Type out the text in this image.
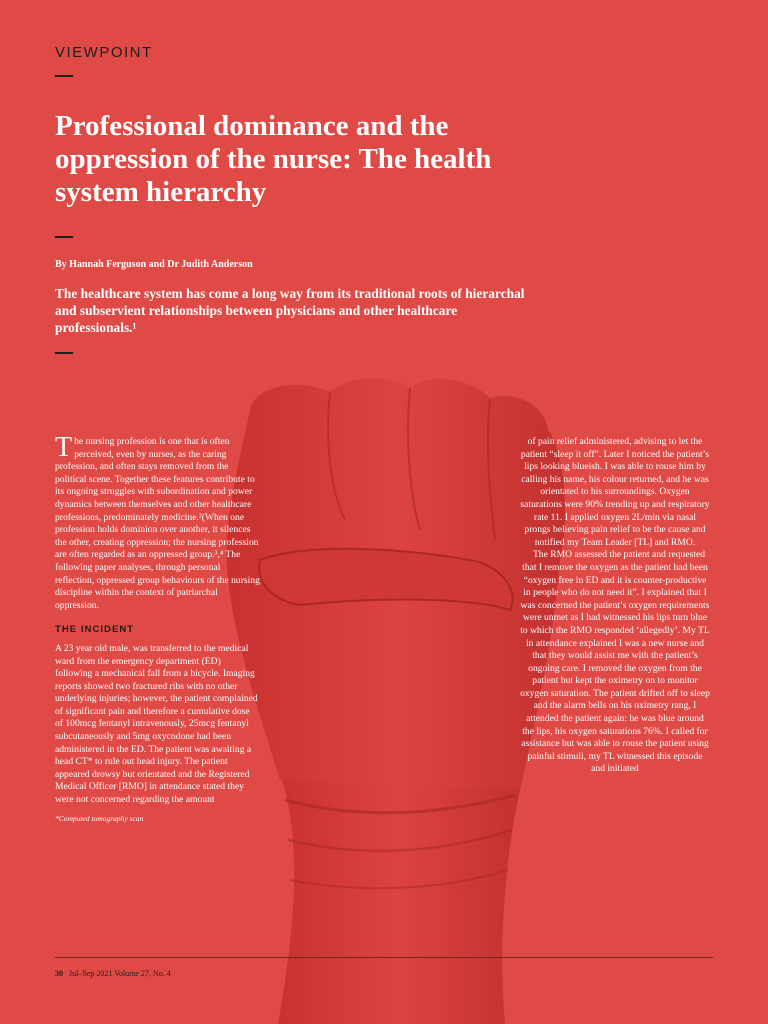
VIEWPOINT
Professional dominance and the oppression of the nurse: The health system hierarchy
By Hannah Ferguson and Dr Judith Anderson
The healthcare system has come a long way from its traditional roots of hierarchal and subservient relationships between physicians and other healthcare professionals.¹

The nursing profession is one that is often perceived, even by nurses, as the caring profession, and often stays removed from the political scene. Together these features contribute to its ongoing struggles with subordination and power dynamics between themselves and other healthcare professions, predominately medicine.²(When one profession holds dominion over another, it silences the other, creating oppression; the nursing profession are often regarded as an oppressed group.³,⁴ The following paper analyses, through personal reflection, oppressed group behaviours of the nursing discipline within the context of patriarchal oppression.

THE INCIDENT

A 23 year old male, was transferred to the medical ward from the emergency department (ED) following a mechanical fall from a bicycle. Imaging reports showed two fractured ribs with no other underlying injuries; however, the patient complained of significant pain and therefore a cumulative dose of 100mcg fentanyl intravenously, 25mcg fentanyl subcutaneously and 5mg oxycodone had been administered in the ED. The patient was awaiting a head CT* to rule out head injury. The patient appeared drowsy but orientated and the Registered Medical Officer [RMO] in attendance stated they were not concerned regarding the amount

*Computed tomography scan

of pain relief administered, advising to let the patient “sleep it off”. Later I noticed the patient’s lips looking blueish. I was able to rouse him by calling his name, his colour returned, and he was orientated to his surroundings. Oxygen saturations were 90% trending up and respiratory rate 11. I applied oxygen 2L/min via nasal prongs believing pain relief to be the cause and notified my Team Leader [TL] and RMO.

The RMO assessed the patient and requested that I remove the oxygen as the patient had been “oxygen free in ED and it is counter-productive in people who do not need it”. I explained that I was concerned the patient’s oxygen requirements were unmet as I had witnessed his lips turn blue to which the RMO responded ‘allegedly’. My TL in attendance explained I was a new nurse and that they would assist me with the patient’s ongoing care. I removed the oxygen from the patient but kept the oximetry on to monitor oxygen saturation. The patient drifted off to sleep and the alarm bells on his oximetry rang, I attended the patient again: he was blue around the lips, his oxygen saturations 76%. I called for assistance but was able to rouse the patient using painful stimuli, my TL witnessed this episode and initiated

30 Jul–Sep 2021 Volume 27, No. 4
